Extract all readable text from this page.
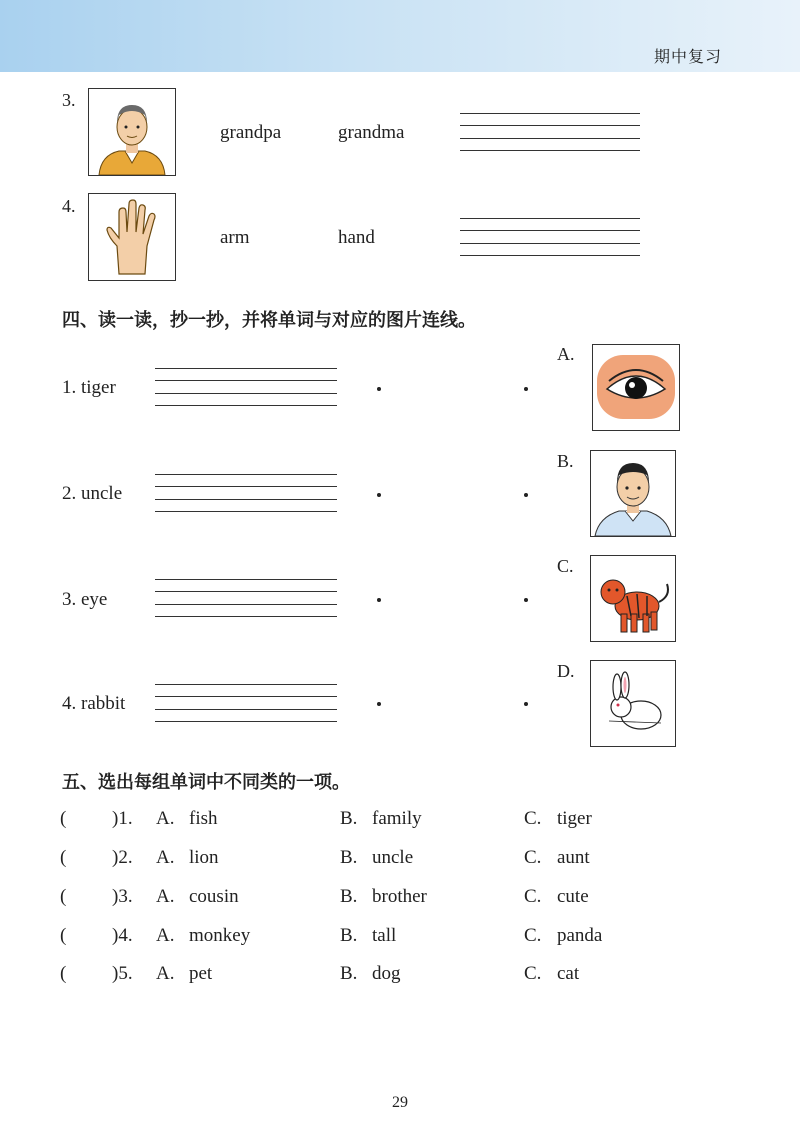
期中复习
3.
grandpa	grandma
4.
arm	hand
四、读一读，抄一抄，并将单词与对应的图片连线。
1. tiger
2. uncle
3. eye
4. rabbit
A.
B.
C.
D.
五、选出每组单词中不同类的一项。
( )1. A. fish	B. family	C. tiger
( )2. A. lion	B. uncle	C. aunt
( )3. A. cousin	B. brother	C. cute
( )4. A. monkey	B. tall	C. panda
( )5. A. pet	B. dog	C. cat
29
